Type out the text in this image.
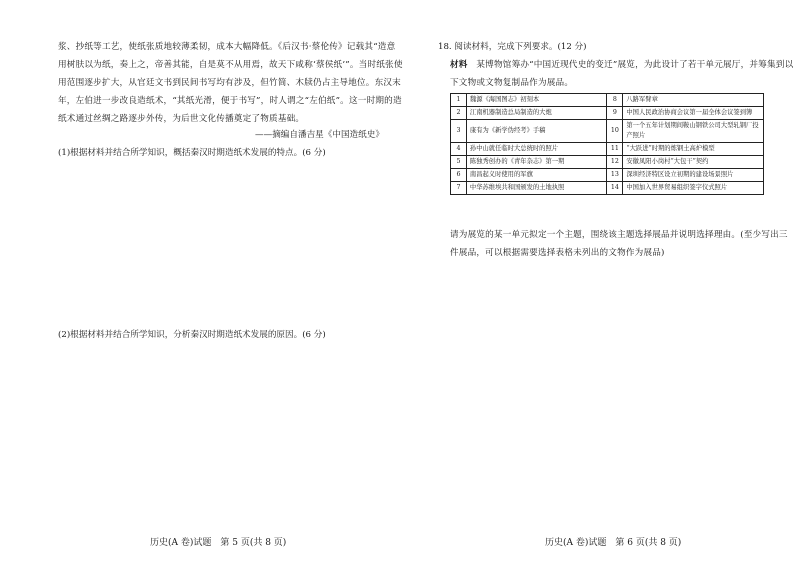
浆、抄纸等工艺，使纸张质地较薄柔韧，成本大幅降低。《后汉书·蔡伦传》记载其“造意
用树肤以为纸，奏上之，帝善其能，自是莫不从用焉，故天下咸称‘蔡侯纸’”。当时纸张使
用范围逐步扩大，从官廷文书到民间书写均有涉及，但竹简、木牍仍占主导地位。东汉末
年，左伯进一步改良造纸术，“其纸光滑，便于书写”，时人谓之“左伯纸”。这一时期的造
纸术通过丝绸之路逐步外传，为后世文化传播奠定了物质基础。
——摘编自潘吉星《中国造纸史》
(1)根据材料并结合所学知识，概括秦汉时期造纸术发展的特点。(6 分)
(2)根据材料并结合所学知识，分析秦汉时期造纸术发展的原因。(6 分)
历史(A 卷)试题　第 5 页(共 8 页)
18. 阅读材料，完成下列要求。(12 分)
材料　 某博物馆筹办“中国近现代史的变迁”展览，为此设计了若干单元展厅，并筹集到以
下文物或文物复制品作为展品。
1	魏源《海国图志》初刻本	8	八路军臂章
2	江南机器制造总局制造的大炮	9	中国人民政治协商会议第一届全体会议签到簿
3	康有为《新学伪经考》手稿	10	第一个五年计划期间鞍山钢铁公司大型轧钢厂投产照片
4	孙中山就任临时大总统时的照片	11	“大跃进”时期的炼钢土高炉模型
5	陈独秀创办的《青年杂志》第一期	12	安徽凤阳小岗村“大包干”契约
6	南昌起义时使用的军旗	13	深圳经济特区设立初期的建设场景照片
7	中华苏维埃共和国颁发的土地执照	14	中国加入世界贸易组织签字仪式照片
请为展览的某一单元拟定一个主题，围绕该主题选择展品并说明选择理由。(至少写出三
件展品，可以根据需要选择表格未列出的文物作为展品)
历史(A 卷)试题　第 6 页(共 8 页)
